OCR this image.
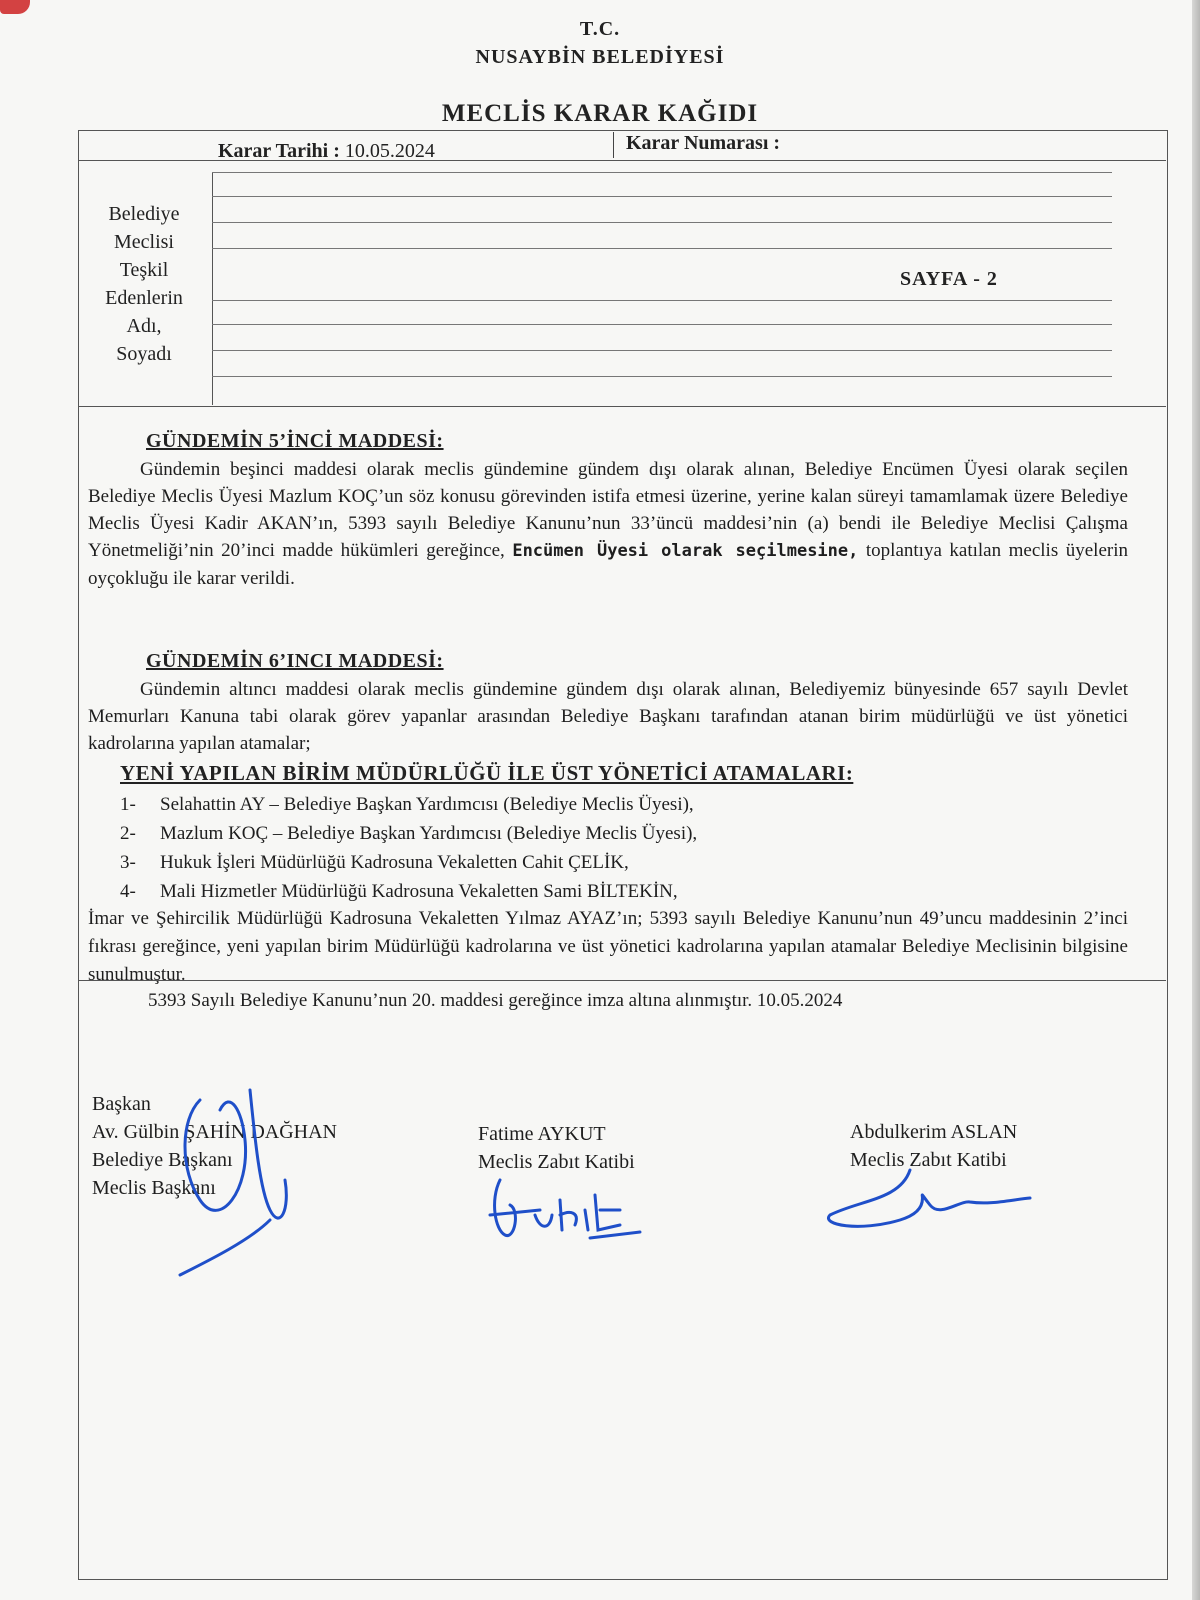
T.C.
NUSAYBİN BELEDİYESİ
MECLİS KARAR KAĞIDI
Karar Tarihi : 10.05.2024	Karar Numarası :
Belediye
Meclisi
Teşkil
Edenlerin
Adı,
Soyadı
SAYFA - 2
GÜNDEMİN 5’İNCİ MADDESİ:
Gündemin beşinci maddesi olarak meclis gündemine gündem dışı olarak alınan, Belediye Encümen Üyesi olarak seçilen Belediye Meclis Üyesi Mazlum KOÇ’un söz konusu görevinden istifa etmesi üzerine, yerine kalan süreyi tamamlamak üzere Belediye Meclis Üyesi Kadir AKAN’ın, 5393 sayılı Belediye Kanunu’nun 33’üncü maddesi’nin (a) bendi ile Belediye Meclisi Çalışma Yönetmeliği’nin 20’inci madde hükümleri gereğince, Encümen Üyesi olarak seçilmesine, toplantıya katılan meclis üyelerin oyçokluğu ile karar verildi.
GÜNDEMİN 6’INCI MADDESİ:
Gündemin altıncı maddesi olarak meclis gündemine gündem dışı olarak alınan, Belediyemiz bünyesinde 657 sayılı Devlet Memurları Kanuna tabi olarak görev yapanlar arasından Belediye Başkanı tarafından atanan birim müdürlüğü ve üst yönetici kadrolarına yapılan atamalar;
YENİ YAPILAN BİRİM MÜDÜRLÜĞÜ İLE ÜST YÖNETİCİ ATAMALARI:
1- Selahattin AY – Belediye Başkan Yardımcısı (Belediye Meclis Üyesi),
2- Mazlum KOÇ – Belediye Başkan Yardımcısı (Belediye Meclis Üyesi),
3- Hukuk İşleri Müdürlüğü Kadrosuna Vekaletten Cahit ÇELİK,
4- Mali Hizmetler Müdürlüğü Kadrosuna Vekaletten Sami BİLTEKİN,
İmar ve Şehircilik Müdürlüğü Kadrosuna Vekaletten Yılmaz AYAZ’ın; 5393 sayılı Belediye Kanunu’nun 49’uncu maddesinin 2’inci fıkrası gereğince, yeni yapılan birim Müdürlüğü kadrolarına ve üst yönetici kadrolarına yapılan atamalar Belediye Meclisinin bilgisine sunulmuştur.
5393 Sayılı Belediye Kanunu’nun 20. maddesi gereğince imza altına alınmıştır. 10.05.2024
Başkan
Av. Gülbin ŞAHİN DAĞHAN
Belediye Başkanı
Meclis Başkanı
Fatime AYKUT
Meclis Zabıt Katibi
Abdulkerim ASLAN
Meclis Zabıt Katibi
